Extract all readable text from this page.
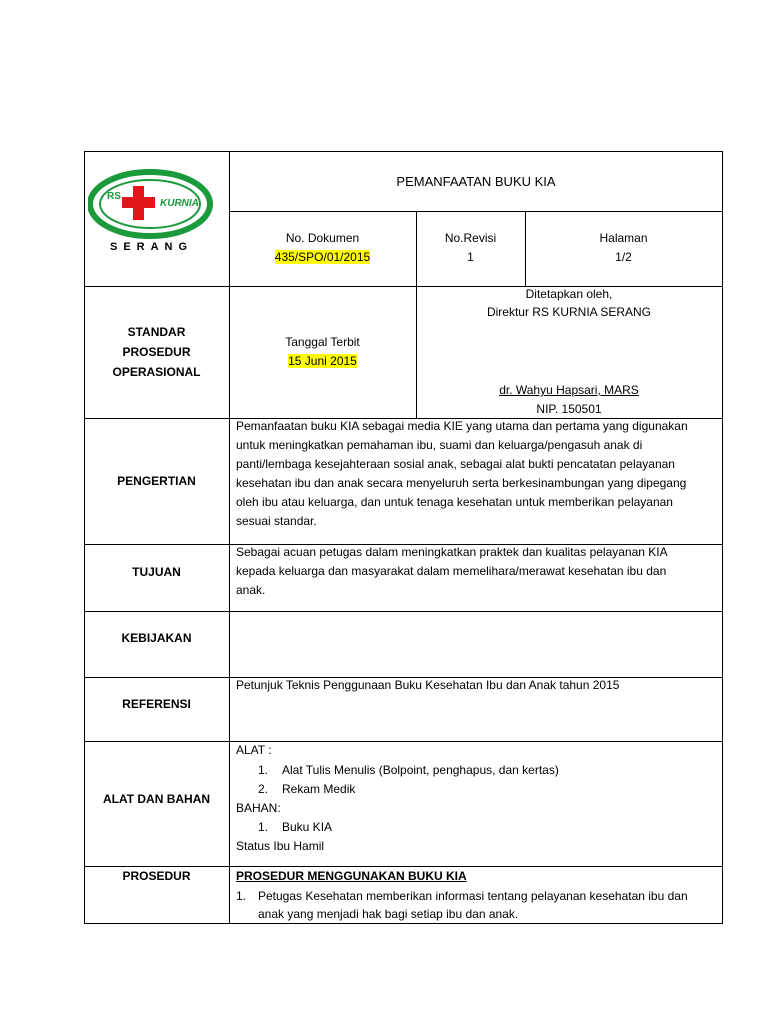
RS
KURNIA
SERANG
PEMANFAATAN BUKU KIA
No. Dokumen
435/SPO/01/2015
No.Revisi
1
Halaman
1/2
STANDAR
PROSEDUR
OPERASIONAL
Tanggal Terbit
15 Juni 2015
Ditetapkan oleh,
Direktur RS KURNIA SERANG
dr. Wahyu Hapsari, MARS
NIP. 150501
PENGERTIAN
Pemanfaatan buku KIA sebagai media KIE yang utama dan pertama yang digunakan
untuk meningkatkan pemahaman ibu, suami dan keluarga/pengasuh anak di
panti/lembaga kesejahteraan sosial anak, sebagai alat bukti pencatatan pelayanan
kesehatan ibu dan anak secara menyeluruh serta berkesinambungan yang dipegang
oleh ibu atau keluarga, dan untuk tenaga kesehatan untuk memberikan pelayanan
sesuai standar.
TUJUAN
Sebagai acuan petugas dalam meningkatkan praktek dan kualitas pelayanan KIA
kepada keluarga dan masyarakat dalam memelihara/merawat kesehatan ibu dan
anak.
KEBIJAKAN
REFERENSI
Petunjuk Teknis Penggunaan Buku Kesehatan Ibu dan Anak tahun 2015
ALAT DAN BAHAN
ALAT :
1. Alat Tulis Menulis (Bolpoint, penghapus, dan kertas)
2. Rekam Medik
BAHAN:
1. Buku KIA
Status Ibu Hamil
PROSEDUR	PROSEDUR MENGGUNAKAN BUKU KIA
1. Petugas Kesehatan memberikan informasi tentang pelayanan kesehatan ibu dan
anak yang menjadi hak bagi setiap ibu dan anak.
